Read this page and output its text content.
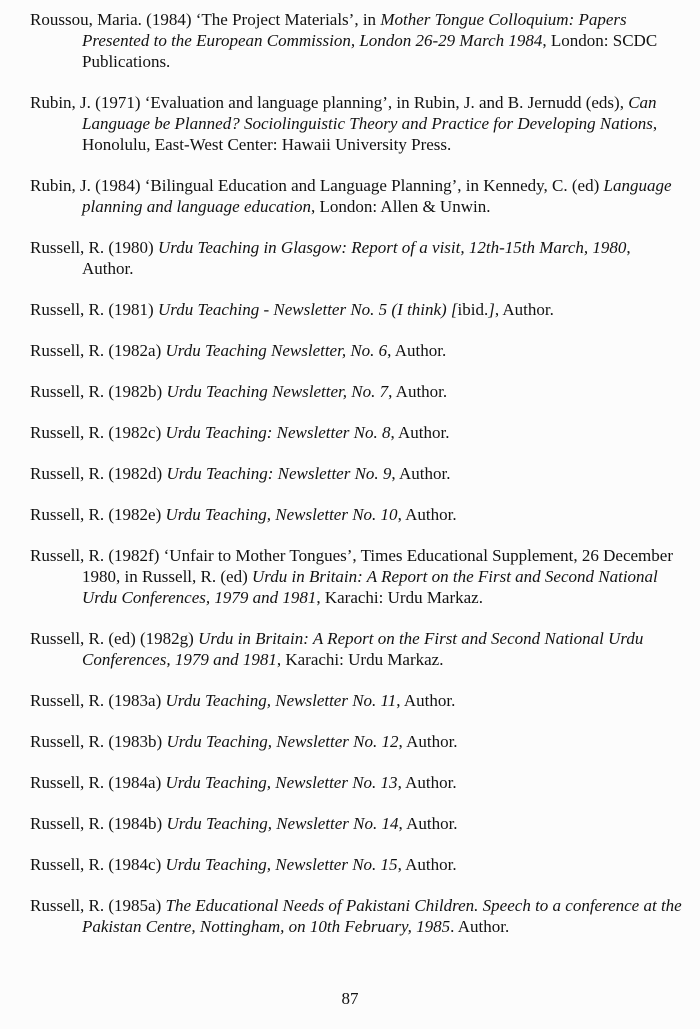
Roussou, Maria. (1984) ‘The Project Materials’, in Mother Tongue Colloquium: Papers Presented to the European Commission, London 26-29 March 1984, London: SCDC Publications.

Rubin, J. (1971) ‘Evaluation and language planning’, in Rubin, J. and B. Jernudd (eds), Can Language be Planned? Sociolinguistic Theory and Practice for Developing Nations, Honolulu, East-West Center: Hawaii University Press.

Rubin, J. (1984) ‘Bilingual Education and Language Planning’, in Kennedy, C. (ed) Language planning and language education, London: Allen & Unwin.

Russell, R. (1980) Urdu Teaching in Glasgow: Report of a visit, 12th-15th March, 1980, Author.

Russell, R. (1981) Urdu Teaching - Newsletter No. 5 (I think) [ibid.], Author.

Russell, R. (1982a) Urdu Teaching Newsletter, No. 6, Author.

Russell, R. (1982b) Urdu Teaching Newsletter, No. 7, Author.

Russell, R. (1982c) Urdu Teaching: Newsletter No. 8, Author.

Russell, R. (1982d) Urdu Teaching: Newsletter No. 9, Author.

Russell, R. (1982e) Urdu Teaching, Newsletter No. 10, Author.

Russell, R. (1982f) ‘Unfair to Mother Tongues’, Times Educational Supplement, 26 December 1980, in Russell, R. (ed) Urdu in Britain: A Report on the First and Second National Urdu Conferences, 1979 and 1981, Karachi: Urdu Markaz.

Russell, R. (ed) (1982g) Urdu in Britain: A Report on the First and Second National Urdu Conferences, 1979 and 1981, Karachi: Urdu Markaz.

Russell, R. (1983a) Urdu Teaching, Newsletter No. 11, Author.

Russell, R. (1983b) Urdu Teaching, Newsletter No. 12, Author.

Russell, R. (1984a) Urdu Teaching, Newsletter No. 13, Author.

Russell, R. (1984b) Urdu Teaching, Newsletter No. 14, Author.

Russell, R. (1984c) Urdu Teaching, Newsletter No. 15, Author.

Russell, R. (1985a) The Educational Needs of Pakistani Children. Speech to a conference at the Pakistan Centre, Nottingham, on 10th February, 1985. Author.

87
